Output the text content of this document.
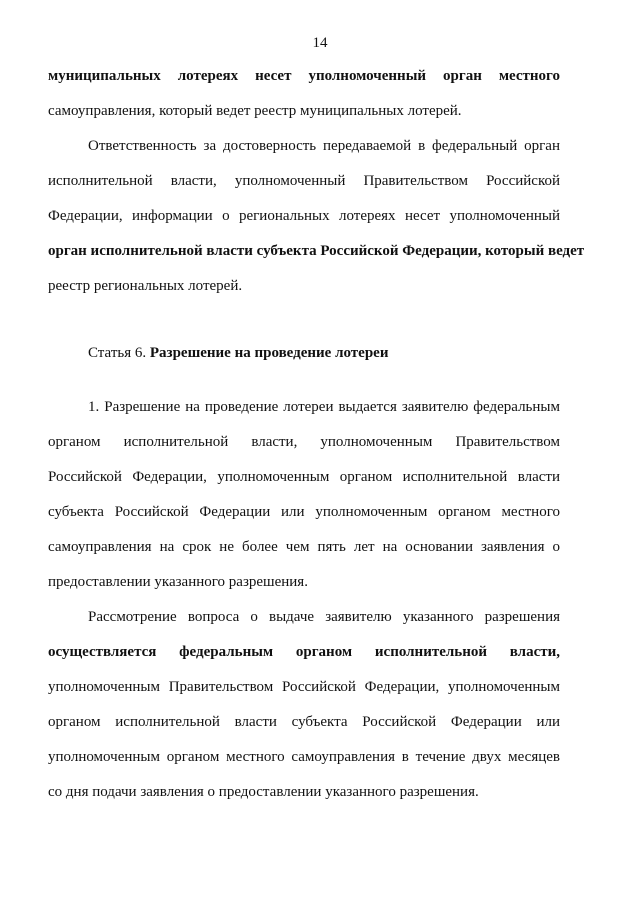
14
муниципальных лотереях несет уполномоченный орган местного
самоуправления, который ведет реестр муниципальных лотерей.
Ответственность за достоверность передаваемой в федеральный орган
исполнительной власти, уполномоченный Правительством Российской
Федерации, информации о региональных лотереях несет уполномоченный
орган исполнительной власти субъекта Российской Федерации, который ведет
реестр региональных лотерей.
Статья 6. Разрешение на проведение лотереи
1. Разрешение на проведение лотереи выдается заявителю федеральным
органом исполнительной власти, уполномоченным Правительством
Российской Федерации, уполномоченным органом исполнительной власти
субъекта Российской Федерации или уполномоченным органом местного
самоуправления на срок не более чем пять лет на основании заявления о
предоставлении указанного разрешения.
Рассмотрение вопроса о выдаче заявителю указанного разрешения
осуществляется федеральным органом исполнительной власти,
уполномоченным Правительством Российской Федерации, уполномоченным
органом исполнительной власти субъекта Российской Федерации или
уполномоченным органом местного самоуправления в течение двух месяцев
со дня подачи заявления о предоставлении указанного разрешения.
